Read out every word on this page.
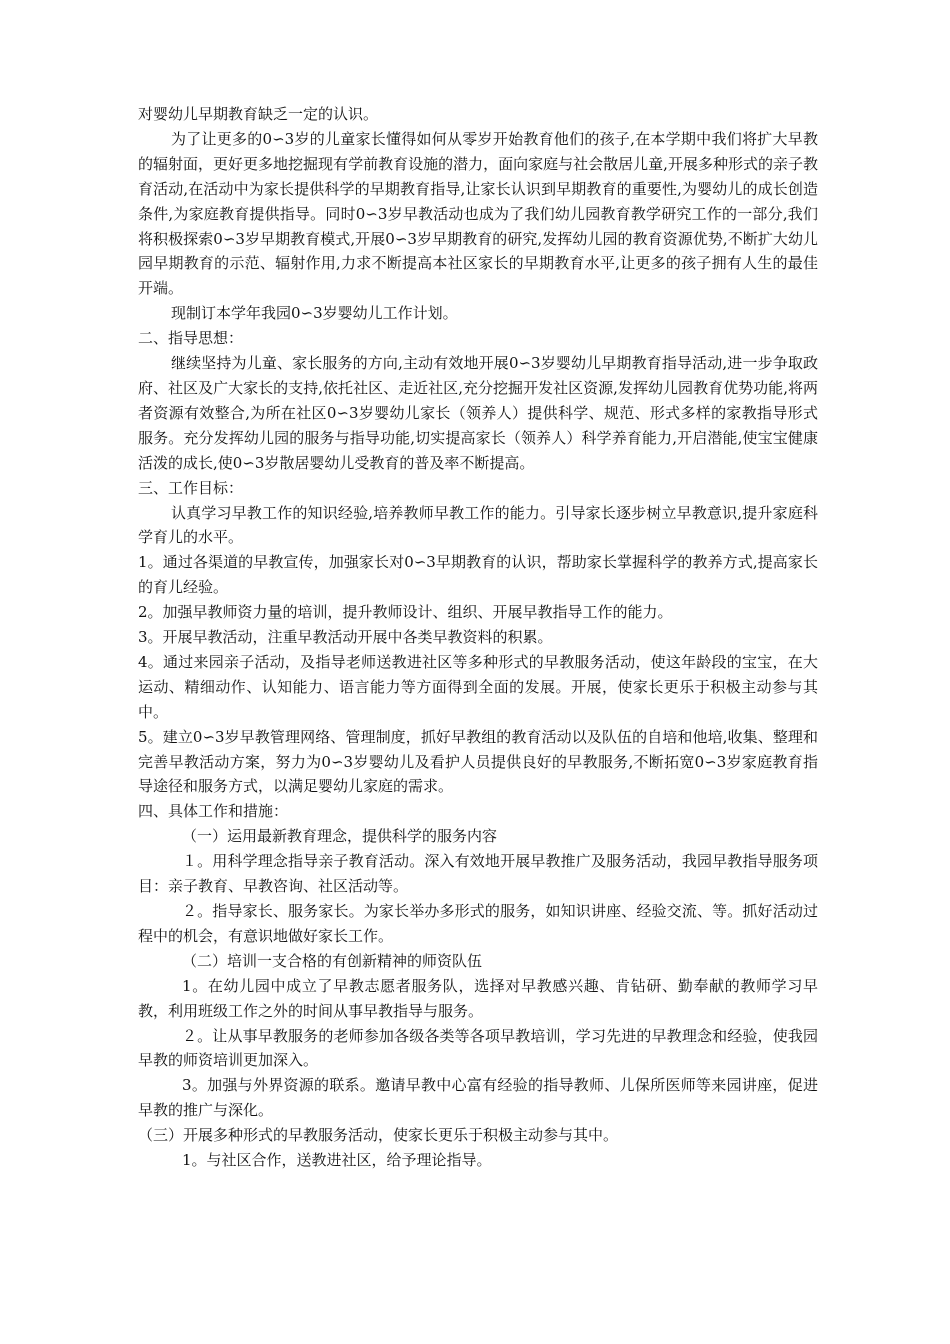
对婴幼儿早期教育缺乏一定的认识。

为了让更多的0∽3岁的儿童家长懂得如何从零岁开始教育他们的孩子,在本学期中我们将扩大早教的辐射面，更好更多地挖掘现有学前教育设施的潜力，面向家庭与社会散居儿童,开展多种形式的亲子教育活动,在活动中为家长提供科学的早期教育指导,让家长认识到早期教育的重要性,为婴幼儿的成长创造条件,为家庭教育提供指导。同时0∽3岁早教活动也成为了我们幼儿园教育教学研究工作的一部分,我们将积极探索0∽3岁早期教育模式,开展0∽3岁早期教育的研究,发挥幼儿园的教育资源优势,不断扩大幼儿园早期教育的示范、辐射作用,力求不断提高本社区家长的早期教育水平,让更多的孩子拥有人生的最佳开端。

现制订本学年我园0∽3岁婴幼儿工作计划。

二、指导思想：

继续坚持为儿童、家长服务的方向,主动有效地开展0∽3岁婴幼儿早期教育指导活动,进一步争取政府、社区及广大家长的支持,依托社区、走近社区,充分挖掘开发社区资源,发挥幼儿园教育优势功能,将两者资源有效整合,为所在社区0∽3岁婴幼儿家长（领养人）提供科学、规范、形式多样的家教指导形式服务。充分发挥幼儿园的服务与指导功能,切实提高家长（领养人）科学养育能力,开启潜能,使宝宝健康活泼的成长,使0∽3岁散居婴幼儿受教育的普及率不断提高。

三、工作目标：

认真学习早教工作的知识经验,培养教师早教工作的能力。引导家长逐步树立早教意识,提升家庭科学育儿的水平。

1。通过各渠道的早教宣传，加强家长对0∽3早期教育的认识，帮助家长掌握科学的教养方式,提高家长的育儿经验。

2。加强早教师资力量的培训，提升教师设计、组织、开展早教指导工作的能力。

3。开展早教活动，注重早教活动开展中各类早教资料的积累。

4。通过来园亲子活动，及指导老师送教进社区等多种形式的早教服务活动，使这年龄段的宝宝，在大运动、精细动作、认知能力、语言能力等方面得到全面的发展。开展，使家长更乐于积极主动参与其中。

5。建立0∽3岁早教管理网络、管理制度，抓好早教组的教育活动以及队伍的自培和他培,收集、整理和完善早教活动方案，努力为0∽3岁婴幼儿及看护人员提供良好的早教服务,不断拓宽0∽3岁家庭教育指导途径和服务方式，以满足婴幼儿家庭的需求。

四、具体工作和措施：

（一）运用最新教育理念，提供科学的服务内容

１。用科学理念指导亲子教育活动。深入有效地开展早教推广及服务活动，我园早教指导服务项目：亲子教育、早教咨询、社区活动等。

２。指导家长、服务家长。为家长举办多形式的服务，如知识讲座、经验交流、等。抓好活动过程中的机会，有意识地做好家长工作。

（二）培训一支合格的有创新精神的师资队伍

1。在幼儿园中成立了早教志愿者服务队，选择对早教感兴趣、肯钻研、勤奉献的教师学习早教，利用班级工作之外的时间从事早教指导与服务。

２。让从事早教服务的老师参加各级各类等各项早教培训，学习先进的早教理念和经验，使我园早教的师资培训更加深入。

3。加强与外界资源的联系。邀请早教中心富有经验的指导教师、儿保所医师等来园讲座，促进早教的推广与深化。

（三）开展多种形式的早教服务活动，使家长更乐于积极主动参与其中。

1。与社区合作，送教进社区，给予理论指导。
